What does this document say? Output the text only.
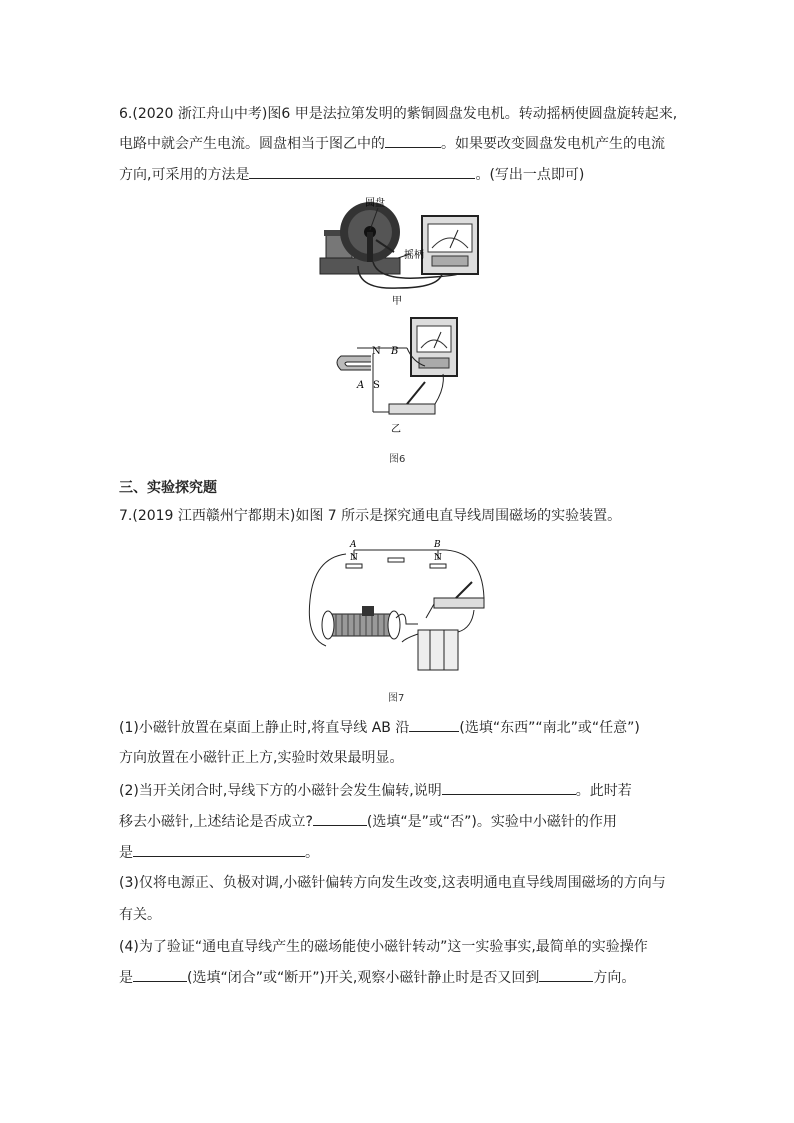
6.(2020 浙江舟山中考)图6 甲是法拉第发明的紫铜圆盘发电机。转动摇柄使圆盘旋转起来,
电路中就会产生电流。圆盘相当于图乙中的	。如果要改变圆盘发电机产生的电流
方向,可采用的方法是	。(写出一点即可)
圆盘
摇柄
甲
N B
A S
乙
图6
三、实验探究题
7.(2019 江西赣州宁都期末)如图 7 所示是探究通电直导线周围磁场的实验装置。
A	B
N	N
图7
(1)小磁针放置在桌面上静止时,将直导线 AB 沿	(选填“东西”“南北”或“任意”)
方向放置在小磁针正上方,实验时效果最明显。
(2)当开关闭合时,导线下方的小磁针会发生偏转,说明	。此时若
移去小磁针,上述结论是否成立?	(选填“是”或“否”)。实验中小磁针的作用
是	。
(3)仅将电源正、负极对调,小磁针偏转方向发生改变,这表明通电直导线周围磁场的方向与
有关。
(4)为了验证“通电直导线产生的磁场能使小磁针转动”这一实验事实,最简单的实验操作
是	(选填“闭合”或“断开”)开关,观察小磁针静止时是否又回到	方向。
